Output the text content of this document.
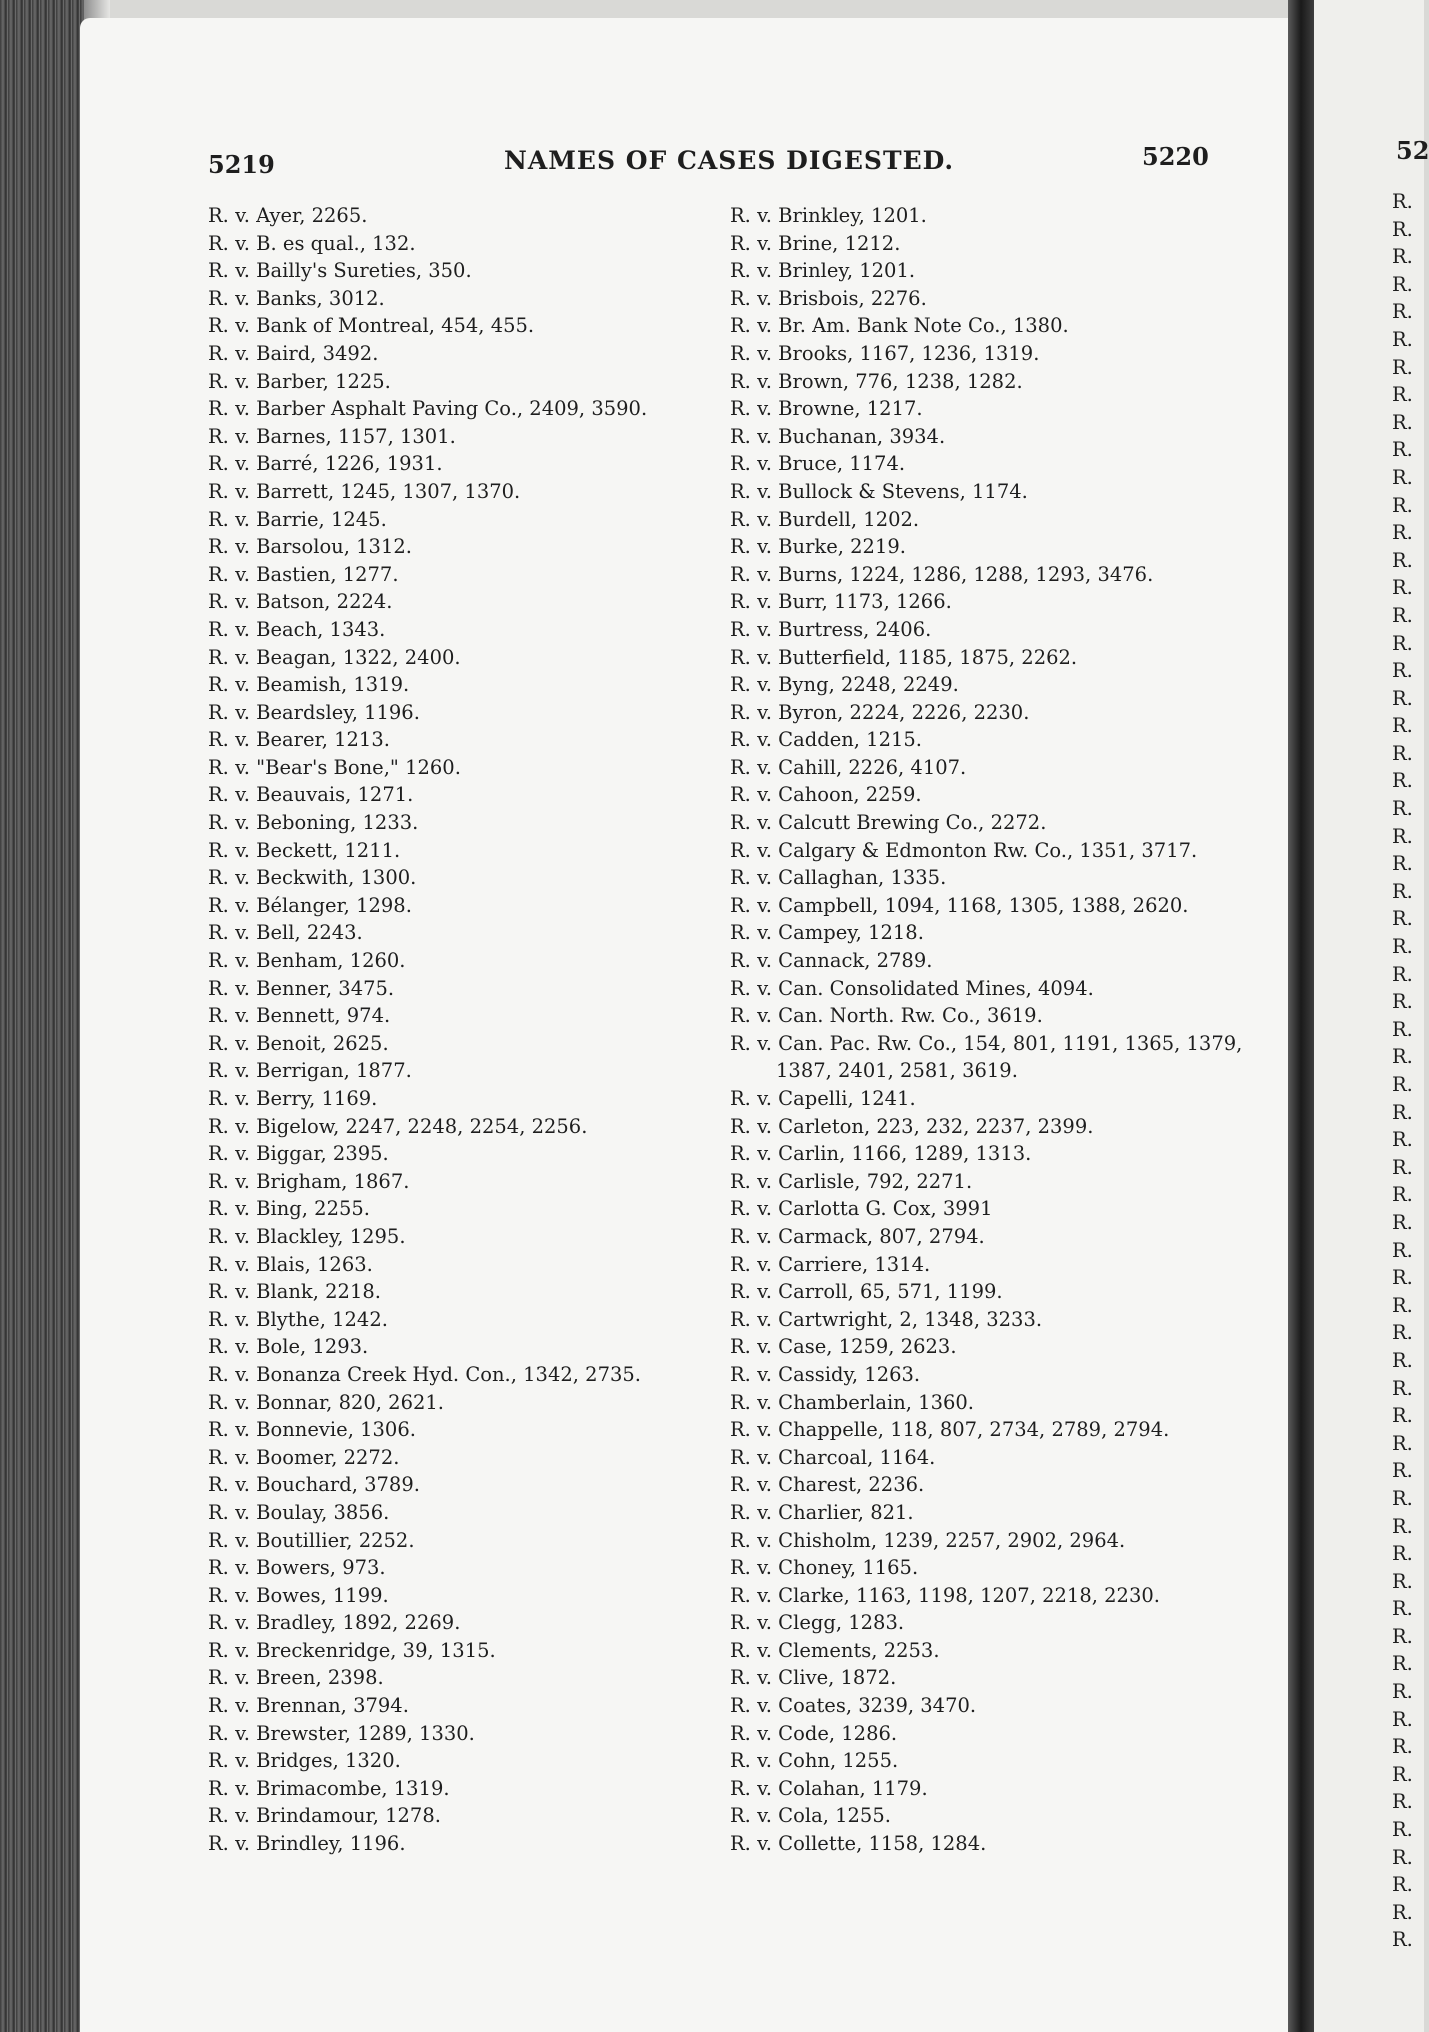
5219	NAMES OF CASES DIGESTED.	5220	52
R. v. Ayer, 2265.
R. v. B. es qual., 132.
R. v. Bailly's Sureties, 350.
R. v. Banks, 3012.
R. v. Bank of Montreal, 454, 455.
R. v. Baird, 3492.
R. v. Barber, 1225.
R. v. Barber Asphalt Paving Co., 2409, 3590.
R. v. Barnes, 1157, 1301.
R. v. Barré, 1226, 1931.
R. v. Barrett, 1245, 1307, 1370.
R. v. Barrie, 1245.
R. v. Barsolou, 1312.
R. v. Bastien, 1277.
R. v. Batson, 2224.
R. v. Beach, 1343.
R. v. Beagan, 1322, 2400.
R. v. Beamish, 1319.
R. v. Beardsley, 1196.
R. v. Bearer, 1213.
R. v. "Bear's Bone," 1260.
R. v. Beauvais, 1271.
R. v. Beboning, 1233.
R. v. Beckett, 1211.
R. v. Beckwith, 1300.
R. v. Bélanger, 1298.
R. v. Bell, 2243.
R. v. Benham, 1260.
R. v. Benner, 3475.
R. v. Bennett, 974.
R. v. Benoit, 2625.
R. v. Berrigan, 1877.
R. v. Berry, 1169.
R. v. Bigelow, 2247, 2248, 2254, 2256.
R. v. Biggar, 2395.
R. v. Brigham, 1867.
R. v. Bing, 2255.
R. v. Blackley, 1295.
R. v. Blais, 1263.
R. v. Blank, 2218.
R. v. Blythe, 1242.
R. v. Bole, 1293.
R. v. Bonanza Creek Hyd. Con., 1342, 2735.
R. v. Bonnar, 820, 2621.
R. v. Bonnevie, 1306.
R. v. Boomer, 2272.
R. v. Bouchard, 3789.
R. v. Boulay, 3856.
R. v. Boutillier, 2252.
R. v. Bowers, 973.
R. v. Bowes, 1199.
R. v. Bradley, 1892, 2269.
R. v. Breckenridge, 39, 1315.
R. v. Breen, 2398.
R. v. Brennan, 3794.
R. v. Brewster, 1289, 1330.
R. v. Bridges, 1320.
R. v. Brimacombe, 1319.
R. v. Brindamour, 1278.
R. v. Brindley, 1196.
R. v. Brinkley, 1201.
R. v. Brine, 1212.
R. v. Brinley, 1201.
R. v. Brisbois, 2276.
R. v. Br. Am. Bank Note Co., 1380.
R. v. Brooks, 1167, 1236, 1319.
R. v. Brown, 776, 1238, 1282.
R. v. Browne, 1217.
R. v. Buchanan, 3934.
R. v. Bruce, 1174.
R. v. Bullock & Stevens, 1174.
R. v. Burdell, 1202.
R. v. Burke, 2219.
R. v. Burns, 1224, 1286, 1288, 1293, 3476.
R. v. Burr, 1173, 1266.
R. v. Burtress, 2406.
R. v. Butterfield, 1185, 1875, 2262.
R. v. Byng, 2248, 2249.
R. v. Byron, 2224, 2226, 2230.
R. v. Cadden, 1215.
R. v. Cahill, 2226, 4107.
R. v. Cahoon, 2259.
R. v. Calcutt Brewing Co., 2272.
R. v. Calgary & Edmonton Rw. Co., 1351, 3717.
R. v. Callaghan, 1335.
R. v. Campbell, 1094, 1168, 1305, 1388, 2620.
R. v. Campey, 1218.
R. v. Cannack, 2789.
R. v. Can. Consolidated Mines, 4094.
R. v. Can. North. Rw. Co., 3619.
R. v. Can. Pac. Rw. Co., 154, 801, 1191, 1365, 1379, 1387, 2401, 2581, 3619.
R. v. Capelli, 1241.
R. v. Carleton, 223, 232, 2237, 2399.
R. v. Carlin, 1166, 1289, 1313.
R. v. Carlisle, 792, 2271.
R. v. Carlotta G. Cox, 3991
R. v. Carmack, 807, 2794.
R. v. Carriere, 1314.
R. v. Carroll, 65, 571, 1199.
R. v. Cartwright, 2, 1348, 3233.
R. v. Case, 1259, 2623.
R. v. Cassidy, 1263.
R. v. Chamberlain, 1360.
R. v. Chappelle, 118, 807, 2734, 2789, 2794.
R. v. Charcoal, 1164.
R. v. Charest, 2236.
R. v. Charlier, 821.
R. v. Chisholm, 1239, 2257, 2902, 2964.
R. v. Choney, 1165.
R. v. Clarke, 1163, 1198, 1207, 2218, 2230.
R. v. Clegg, 1283.
R. v. Clements, 2253.
R. v. Clive, 1872.
R. v. Coates, 3239, 3470.
R. v. Code, 1286.
R. v. Cohn, 1255.
R. v. Colahan, 1179.
R. v. Cola, 1255.
R. v. Collette, 1158, 1284.
R.
R.
R.
R.
R.
R.
R.
R.
R.
R.
R.
R.
R.
R.
R.
R.
R.
R.
R.
R.
R.
R.
R.
R.
R.
R.
R.
R.
R.
R.
R.
R.
R.
R.
R.
R.
R.
R.
R.
R.
R.
R.
R.
R.
R.
R.
R.
R.
R.
R.
R.
R.
R.
R.
R.
R.
R.
R.
R.
R.
R.
R.
R.
R.
